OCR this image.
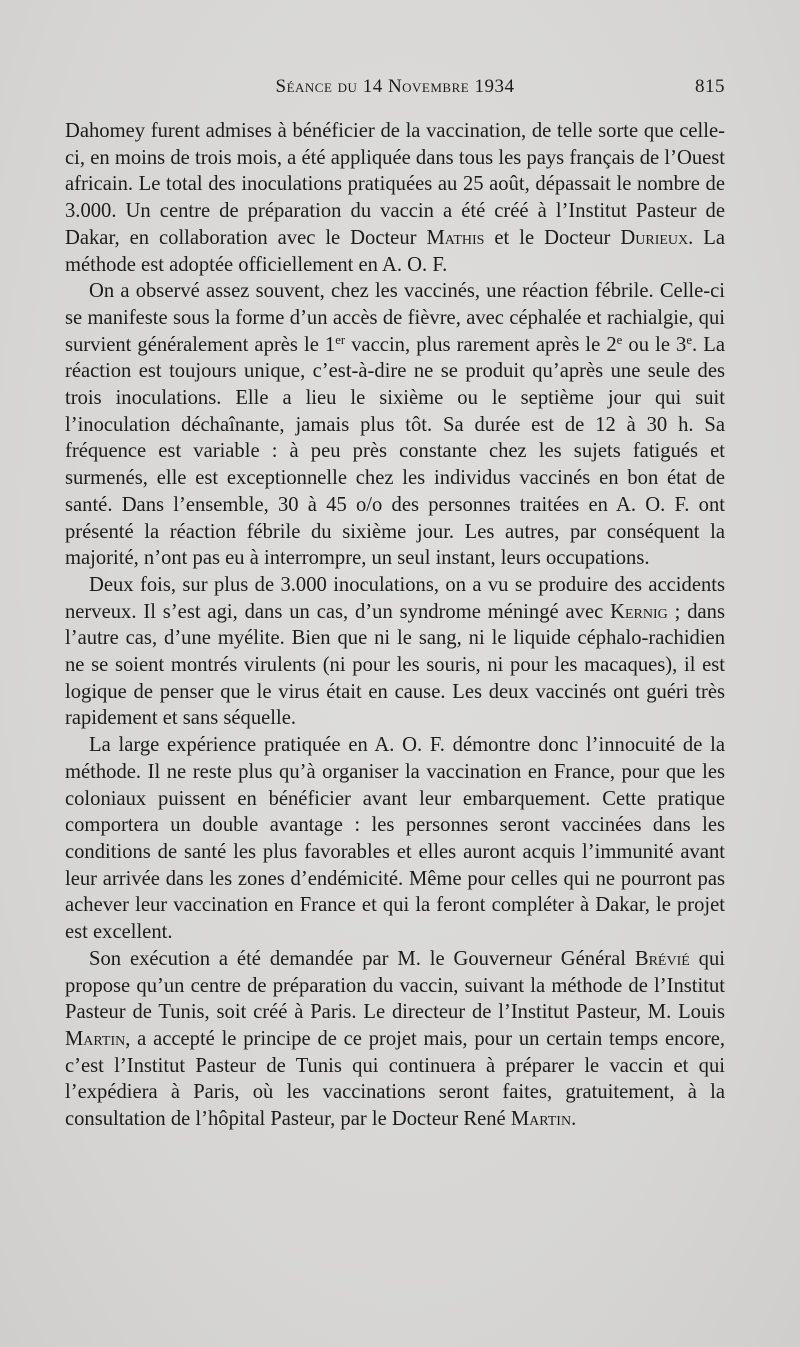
Séance du 14 Novembre 1934	815

Dahomey furent admises à bénéficier de la vaccination, de telle sorte que celle-ci, en moins de trois mois, a été appliquée dans tous les pays français de l’Ouest africain. Le total des inoculations pratiquées au 25 août, dépassait le nombre de 3.000. Un centre de préparation du vaccin a été créé à l’Institut Pasteur de Dakar, en collaboration avec le Docteur Mathis et le Docteur Durieux. La méthode est adoptée officiellement en A. O. F.

On a observé assez souvent, chez les vaccinés, une réaction fébrile. Celle-ci se manifeste sous la forme d’un accès de fièvre, avec céphalée et rachialgie, qui survient généralement après le 1er vaccin, plus rarement après le 2e ou le 3e. La réaction est toujours unique, c’est-à-dire ne se produit qu’après une seule des trois inoculations. Elle a lieu le sixième ou le septième jour qui suit l’inoculation déchaînante, jamais plus tôt. Sa durée est de 12 à 30 h. Sa fréquence est variable : à peu près constante chez les sujets fatigués et surmenés, elle est exceptionnelle chez les individus vaccinés en bon état de santé. Dans l’ensemble, 30 à 45 o/o des personnes traitées en A. O. F. ont présenté la réaction fébrile du sixième jour. Les autres, par conséquent la majorité, n’ont pas eu à interrompre, un seul instant, leurs occupations.

Deux fois, sur plus de 3.000 inoculations, on a vu se produire des accidents nerveux. Il s’est agi, dans un cas, d’un syndrome méningé avec Kernig ; dans l’autre cas, d’une myélite. Bien que ni le sang, ni le liquide céphalo-rachidien ne se soient montrés virulents (ni pour les souris, ni pour les macaques), il est logique de penser que le virus était en cause. Les deux vaccinés ont guéri très rapidement et sans séquelle.

La large expérience pratiquée en A. O. F. démontre donc l’innocuité de la méthode. Il ne reste plus qu’à organiser la vaccination en France, pour que les coloniaux puissent en bénéficier avant leur embarquement. Cette pratique comportera un double avantage : les personnes seront vaccinées dans les conditions de santé les plus favorables et elles auront acquis l’immunité avant leur arrivée dans les zones d’endémicité. Même pour celles qui ne pourront pas achever leur vaccination en France et qui la feront compléter à Dakar, le projet est excellent.

Son exécution a été demandée par M. le Gouverneur Général Brévié qui propose qu’un centre de préparation du vaccin, suivant la méthode de l’Institut Pasteur de Tunis, soit créé à Paris. Le directeur de l’Institut Pasteur, M. Louis Martin, a accepté le principe de ce projet mais, pour un certain temps encore, c’est l’Institut Pasteur de Tunis qui continuera à préparer le vaccin et qui l’expédiera à Paris, où les vaccinations seront faites, gratuitement, à la consultation de l’hôpital Pasteur, par le Docteur René Martin.
